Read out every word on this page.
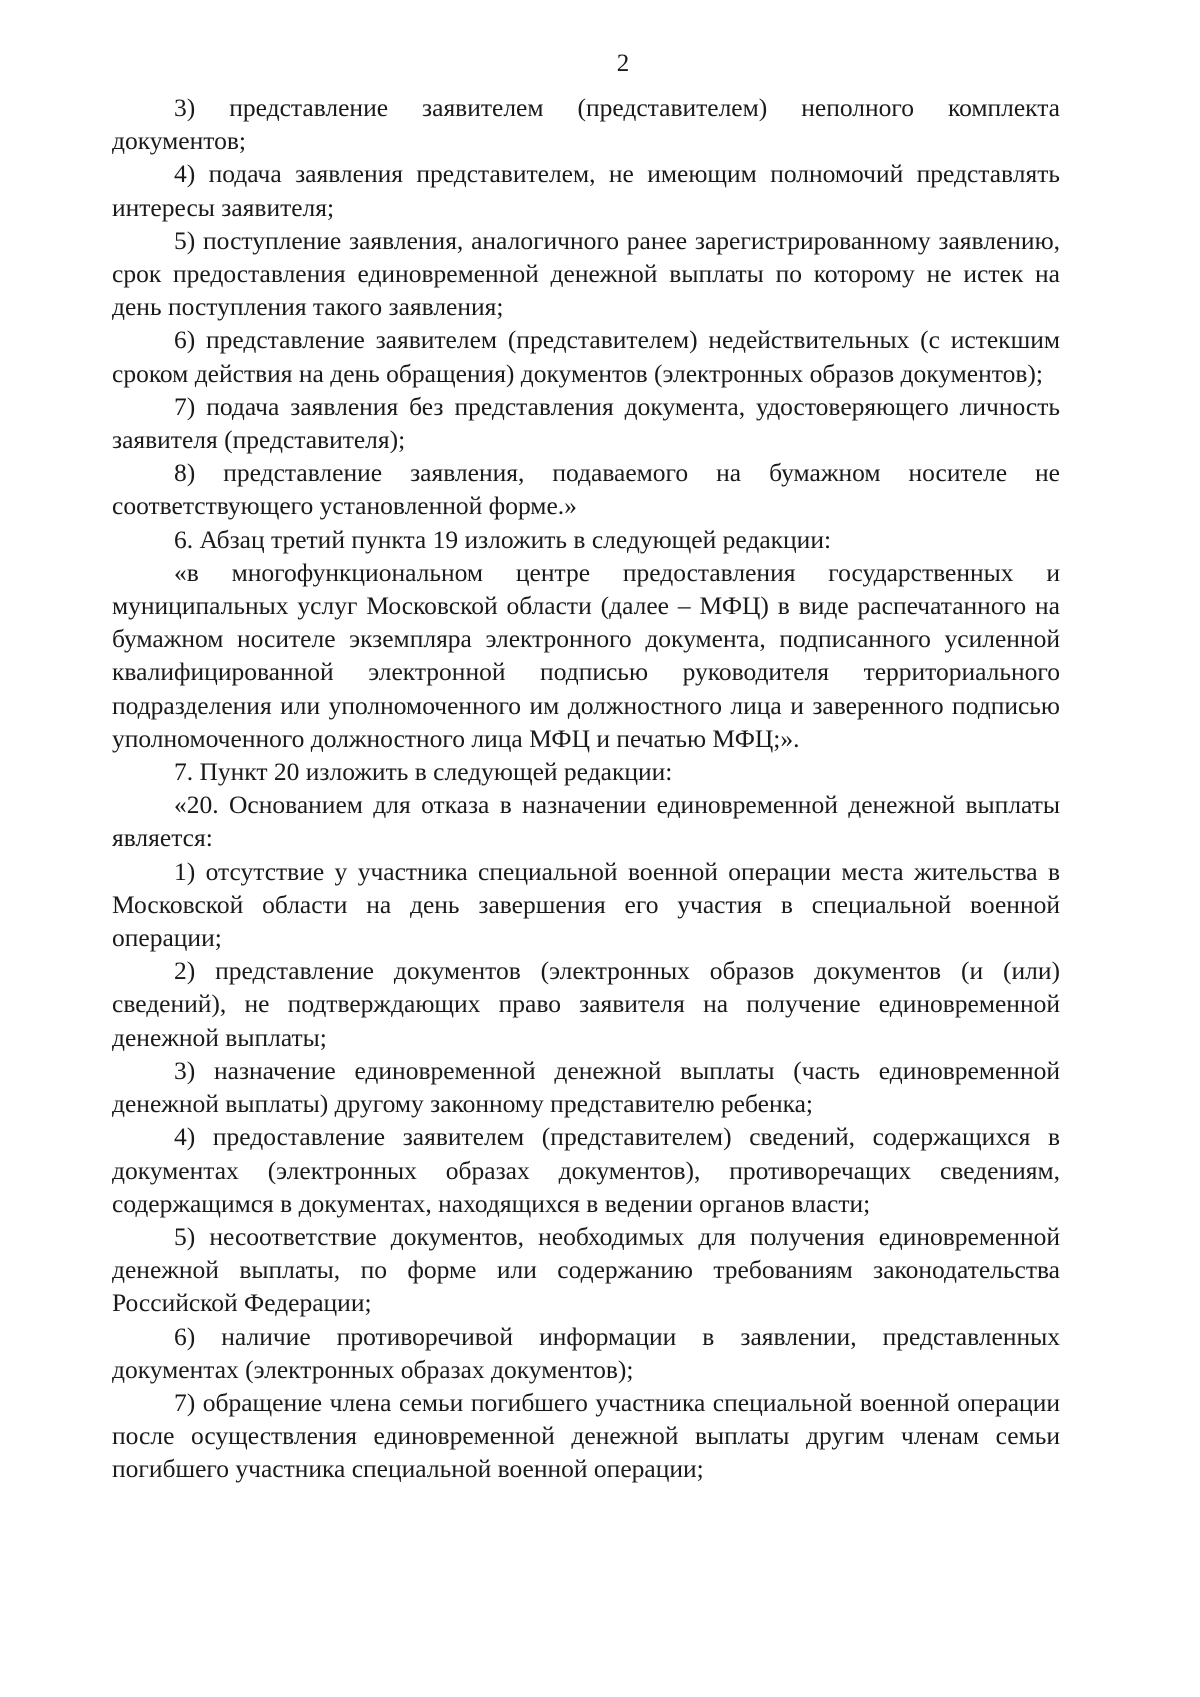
2

3) представление заявителем (представителем) неполного комплекта документов;

4) подача заявления представителем, не имеющим полномочий представлять интересы заявителя;

5) поступление заявления, аналогичного ранее зарегистрированному заявлению, срок предоставления единовременной денежной выплаты по которому не истек на день поступления такого заявления;

6) представление заявителем (представителем) недействительных (с истекшим сроком действия на день обращения) документов (электронных образов документов);

7) подача заявления без представления документа, удостоверяющего личность заявителя (представителя);

8) представление заявления, подаваемого на бумажном носителе не соответствующего установленной форме.»

6. Абзац третий пункта 19 изложить в следующей редакции:

«в многофункциональном центре предоставления государственных и муниципальных услуг Московской области (далее – МФЦ) в виде распечатанного на бумажном носителе экземпляра электронного документа, подписанного усиленной квалифицированной электронной подписью руководителя территориального подразделения или уполномоченного им должностного лица и заверенного подписью уполномоченного должностного лица МФЦ и печатью МФЦ;».

7. Пункт 20 изложить в следующей редакции:

«20. Основанием для отказа в назначении единовременной денежной выплаты является:

1) отсутствие у участника специальной военной операции места жительства в Московской области на день завершения его участия в специальной военной операции;

2) представление документов (электронных образов документов (и (или) сведений), не подтверждающих право заявителя на получение единовременной денежной выплаты;

3) назначение единовременной денежной выплаты (часть единовременной денежной выплаты) другому законному представителю ребенка;

4) предоставление заявителем (представителем) сведений, содержащихся в документах (электронных образах документов), противоречащих сведениям, содержащимся в документах, находящихся в ведении органов власти;

5) несоответствие документов, необходимых для получения единовременной денежной выплаты, по форме или содержанию требованиям законодательства Российской Федерации;

6) наличие противоречивой информации в заявлении, представленных документах (электронных образах документов);

7) обращение члена семьи погибшего участника специальной военной операции после осуществления единовременной денежной выплаты другим членам семьи погибшего участника специальной военной операции;
